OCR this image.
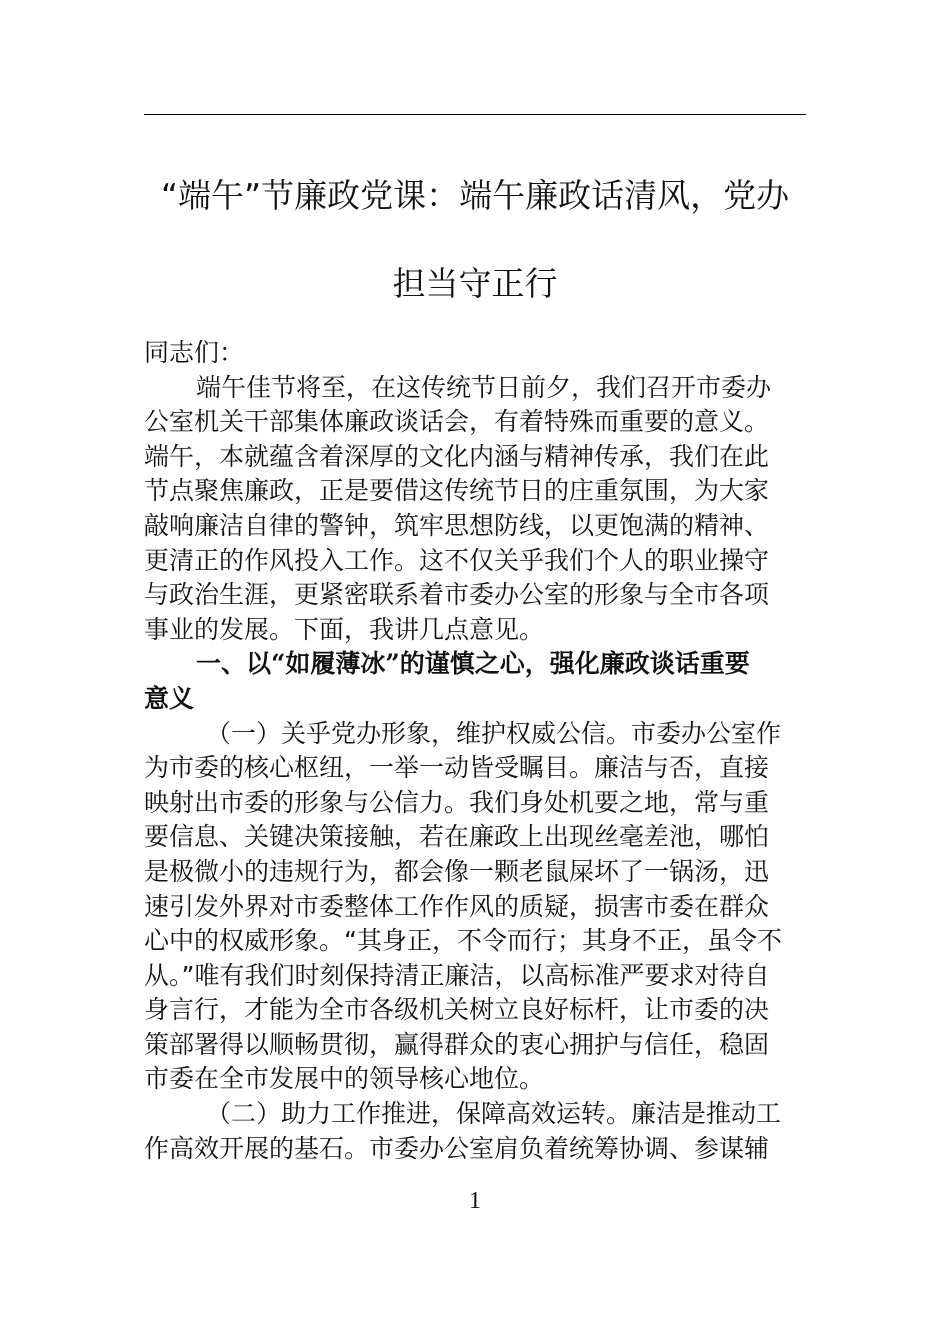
“端午”节廉政党课：端午廉政话清风，党办
担当守正行
同志们：
端午佳节将至，在这传统节日前夕，我们召开市委办
公室机关干部集体廉政谈话会，有着特殊而重要的意义。
端午，本就蕴含着深厚的文化内涵与精神传承，我们在此
节点聚焦廉政，正是要借这传统节日的庄重氛围，为大家
敲响廉洁自律的警钟，筑牢思想防线，以更饱满的精神、
更清正的作风投入工作。这不仅关乎我们个人的职业操守
与政治生涯，更紧密联系着市委办公室的形象与全市各项
事业的发展。下面，我讲几点意见。
一、以“如履薄冰”的谨慎之心，强化廉政谈话重要
意义
（一）关乎党办形象，维护权威公信。市委办公室作
为市委的核心枢纽，一举一动皆受瞩目。廉洁与否，直接
映射出市委的形象与公信力。我们身处机要之地，常与重
要信息、关键决策接触，若在廉政上出现丝毫差池，哪怕
是极微小的违规行为，都会像一颗老鼠屎坏了一锅汤，迅
速引发外界对市委整体工作作风的质疑，损害市委在群众
心中的权威形象。“其身正，不令而行；其身不正，虽令不
从。”唯有我们时刻保持清正廉洁，以高标准严要求对待自
身言行，才能为全市各级机关树立良好标杆，让市委的决
策部署得以顺畅贯彻，赢得群众的衷心拥护与信任，稳固
市委在全市发展中的领导核心地位。
（二）助力工作推进，保障高效运转。廉洁是推动工
作高效开展的基石。市委办公室肩负着统筹协调、参谋辅
1
